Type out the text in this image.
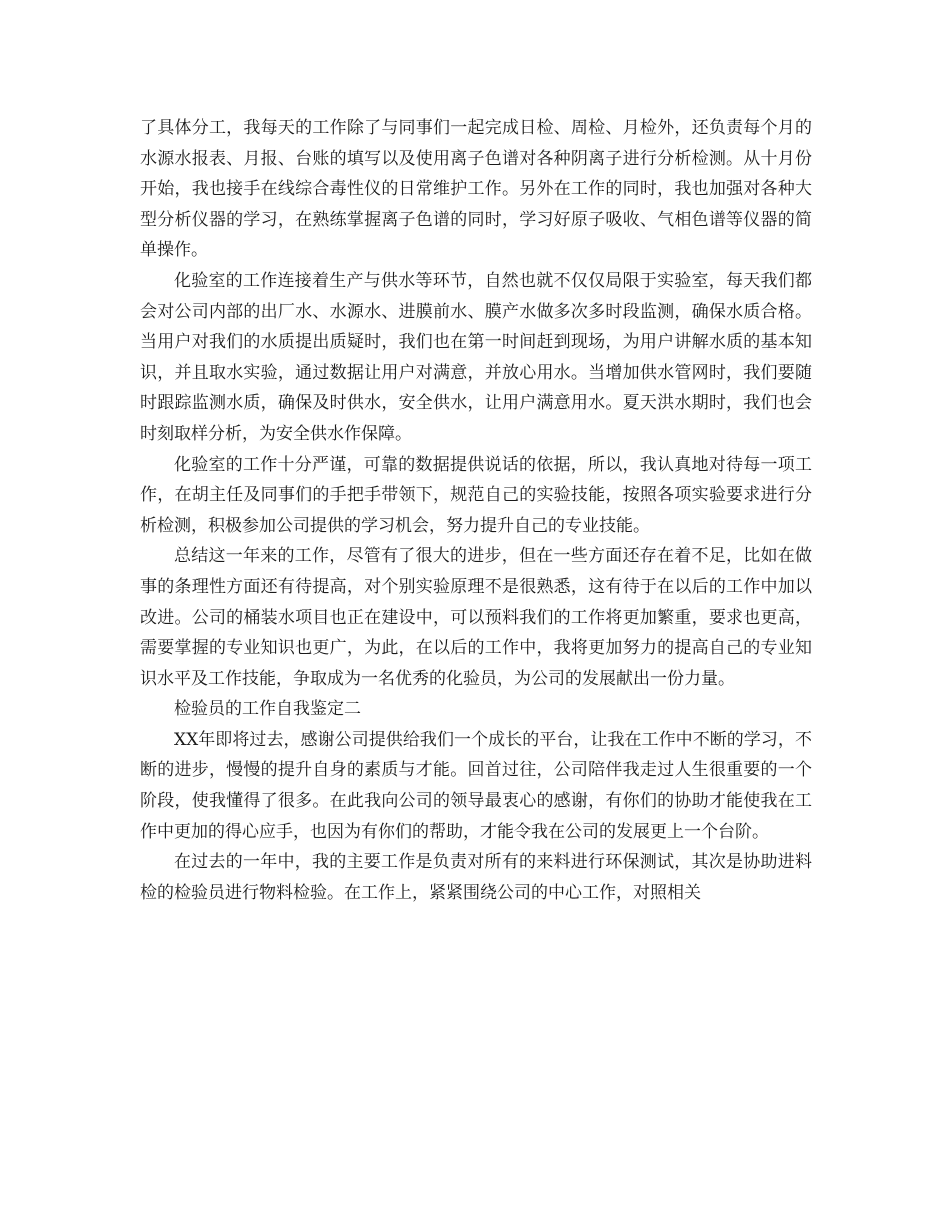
了具体分工，我每天的工作除了与同事们一起完成日检、周检、月检外，还负责每个月的水源水报表、月报、台账的填写以及使用离子色谱对各种阴离子进行分析检测。从十月份开始，我也接手在线综合毒性仪的日常维护工作。另外在工作的同时，我也加强对各种大型分析仪器的学习，在熟练掌握离子色谱的同时，学习好原子吸收、气相色谱等仪器的简单操作。

化验室的工作连接着生产与供水等环节，自然也就不仅仅局限于实验室，每天我们都会对公司内部的出厂水、水源水、进膜前水、膜产水做多次多时段监测，确保水质合格。当用户对我们的水质提出质疑时，我们也在第一时间赶到现场，为用户讲解水质的基本知识，并且取水实验，通过数据让用户对满意，并放心用水。当增加供水管网时，我们要随时跟踪监测水质，确保及时供水，安全供水，让用户满意用水。夏天洪水期时，我们也会时刻取样分析，为安全供水作保障。

化验室的工作十分严谨，可靠的数据提供说话的依据，所以，我认真地对待每一项工作，在胡主任及同事们的手把手带领下，规范自己的实验技能，按照各项实验要求进行分析检测，积极参加公司提供的学习机会，努力提升自己的专业技能。

总结这一年来的工作，尽管有了很大的进步，但在一些方面还存在着不足，比如在做事的条理性方面还有待提高，对个别实验原理不是很熟悉，这有待于在以后的工作中加以改进。公司的桶装水项目也正在建设中，可以预料我们的工作将更加繁重，要求也更高，需要掌握的专业知识也更广，为此，在以后的工作中，我将更加努力的提高自己的专业知识水平及工作技能，争取成为一名优秀的化验员，为公司的发展献出一份力量。

检验员的工作自我鉴定二

XX年即将过去，感谢公司提供给我们一个成长的平台，让我在工作中不断的学习，不断的进步，慢慢的提升自身的素质与才能。回首过往，公司陪伴我走过人生很重要的一个阶段，使我懂得了很多。在此我向公司的领导最衷心的感谢，有你们的协助才能使我在工作中更加的得心应手，也因为有你们的帮助，才能令我在公司的发展更上一个台阶。

在过去的一年中，我的主要工作是负责对所有的来料进行环保测试，其次是协助进料检的检验员进行物料检验。在工作上，紧紧围绕公司的中心工作，对照相关
